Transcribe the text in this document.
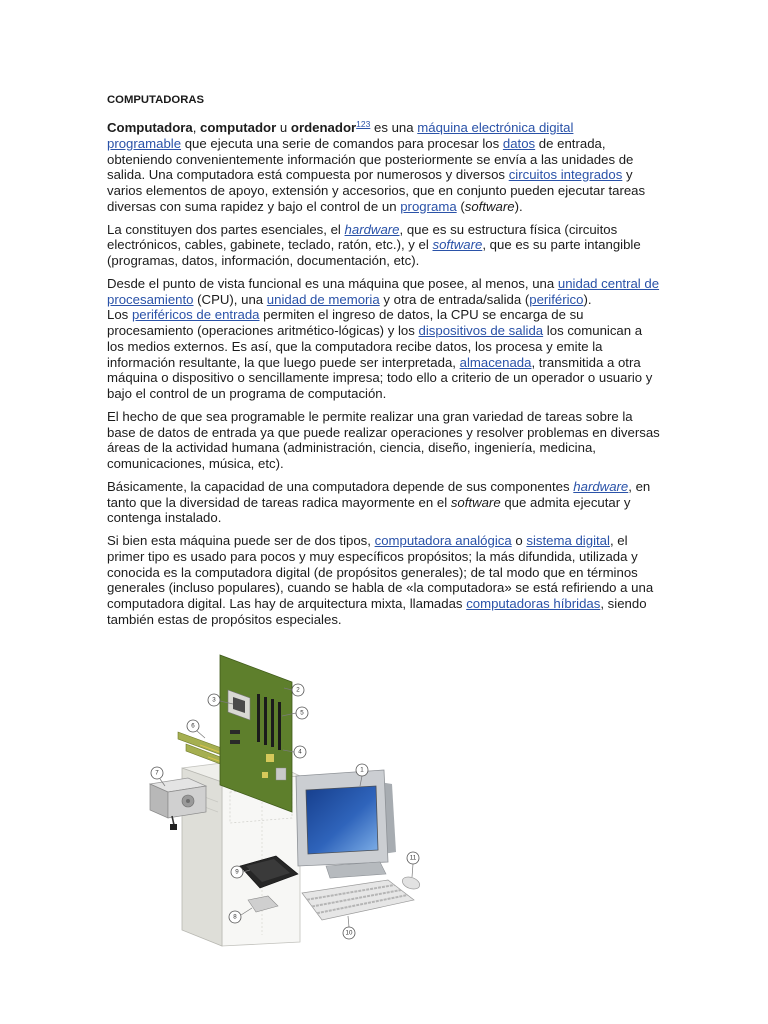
COMPUTADORAS
Computadora, computador u ordenador$^{123}$ es una máquina electrónica digital
programable que ejecuta una serie de comandos para procesar los datos de entrada,
obteniendo convenientemente información que posteriormente se envía a las unidades de
salida. Una computadora está compuesta por numerosos y diversos circuitos integrados y
varios elementos de apoyo, extensión y accesorios, que en conjunto pueden ejecutar tareas
diversas con suma rapidez y bajo el control de un programa (software).
La constituyen dos partes esenciales, el hardware, que es su estructura física (circuitos
electrónicos, cables, gabinete, teclado, ratón, etc.), y el software, que es su parte intangible
(programas, datos, información, documentación, etc).
Desde el punto de vista funcional es una máquina que posee, al menos, una unidad central de
procesamiento (CPU), una unidad de memoria y otra de entrada/salida (periférico).
Los periféricos de entrada permiten el ingreso de datos, la CPU se encarga de su
procesamiento (operaciones aritmético-lógicas) y los dispositivos de salida los comunican a
los medios externos. Es así, que la computadora recibe datos, los procesa y emite la
información resultante, la que luego puede ser interpretada, almacenada, transmitida a otra
máquina o dispositivo o sencillamente impresa; todo ello a criterio de un operador o usuario y
bajo el control de un programa de computación.
El hecho de que sea programable le permite realizar una gran variedad de tareas sobre la
base de datos de entrada ya que puede realizar operaciones y resolver problemas en diversas
áreas de la actividad humana (administración, ciencia, diseño, ingeniería, medicina,
comunicaciones, música, etc).
Básicamente, la capacidad de una computadora depende de sus componentes hardware, en
tanto que la diversidad de tareas radica mayormente en el software que admita ejecutar y
contenga instalado.
Si bien esta máquina puede ser de dos tipos, computadora analógica o sistema digital, el
primer tipo es usado para pocos y muy específicos propósitos; la más difundida, utilizada y
conocida es la computadora digital (de propósitos generales); de tal modo que en términos
generales (incluso populares), cuando se habla de «la computadora» se está refiriendo a una
computadora digital. Las hay de arquitectura mixta, llamadas computadoras híbridas, siendo
también estas de propósitos especiales.
1
2
3
4
5
6
7
8
9
10
11
